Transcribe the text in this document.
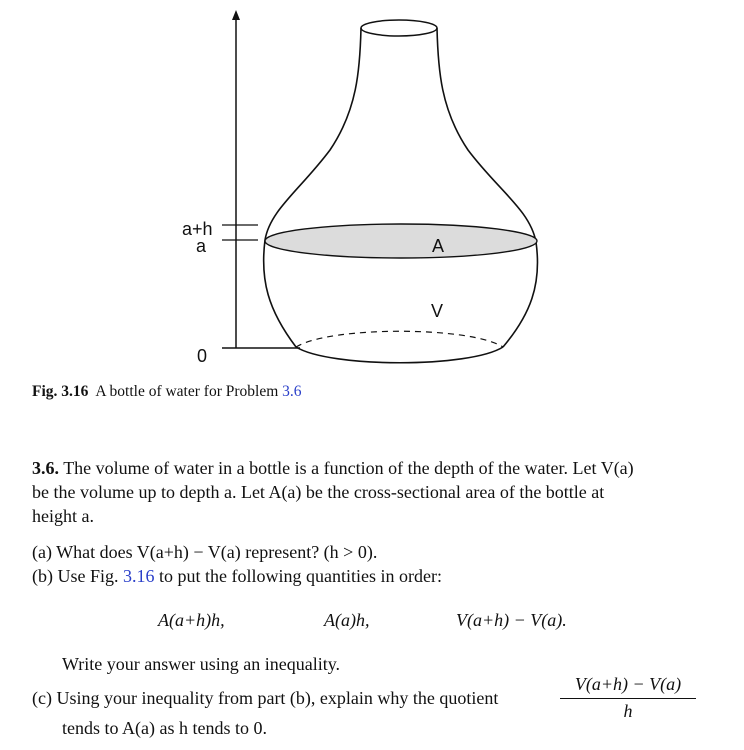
a+h
a
0
A
V
Fig. 3.16 A bottle of water for Problem 3.6
3.6. The volume of water in a bottle is a function of the depth of the water. Let V(a)
be the volume up to depth a. Let A(a) be the cross-sectional area of the bottle at
height a.
(a) What does V(a+h) − V(a) represent? (h > 0).
(b) Use Fig. 3.16 to put the following quantities in order:
A(a+h)h,	A(a)h,	V(a+h) − V(a).
Write your answer using an inequality.
(c) Using your inequality from part (b), explain why the quotient	$\frac{V(a+h) - V(a)}{h}$
tends to A(a) as h tends to 0.
